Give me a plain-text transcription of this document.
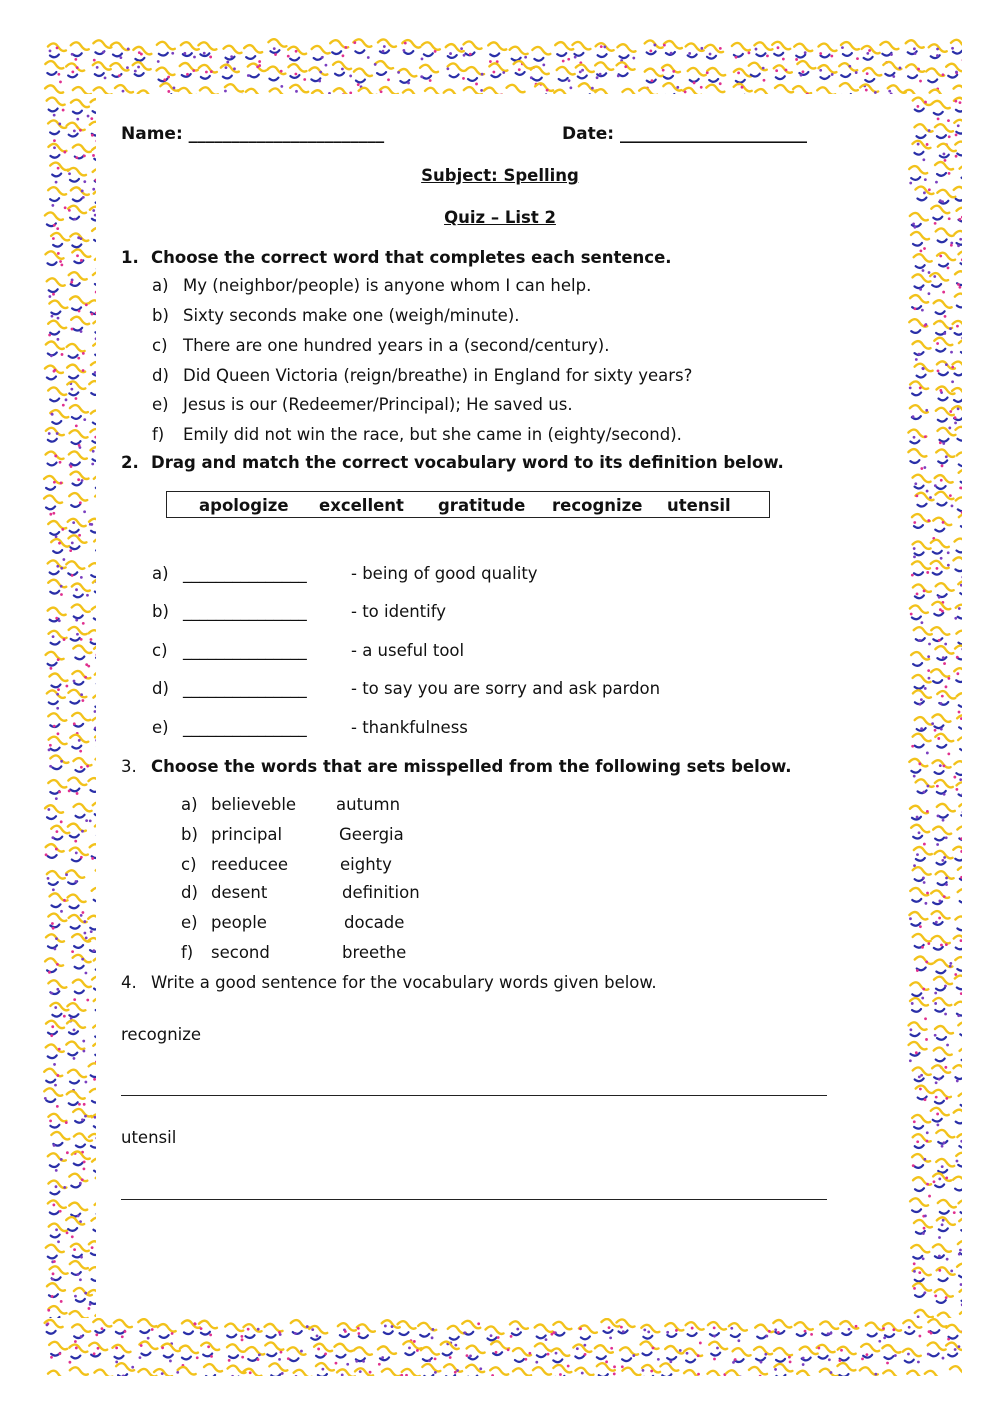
Name: _______________________	Date: ______________________
Subject: Spelling
Quiz – List 2
1. Choose the correct word that completes each sentence.
a) My (neighbor/people) is anyone whom I can help.
b) Sixty seconds make one (weigh/minute).
c) There are one hundred years in a (second/century).
d) Did Queen Victoria (reign/breathe) in England for sixty years?
e) Jesus is our (Redeemer/Principal); He saved us.
f) Emily did not win the race, but she came in (eighty/second).
2. Drag and match the correct vocabulary word to its definition below.
apologize excellent gratitude recognize utensil
a) _______________	- being of good quality
b) _______________	- to identify
c) _______________	- a useful tool
d) _______________	- to say you are sorry and ask pardon
e) _______________	- thankfulness
3. Choose the words that are misspelled from the following sets below.
a) believeble autumn
b) principal	Geergia
c) reeducee	eighty
d) desent	definition
e) people	docade
f) second	breethe
4. Write a good sentence for the vocabulary words given below.
recognize
utensil
